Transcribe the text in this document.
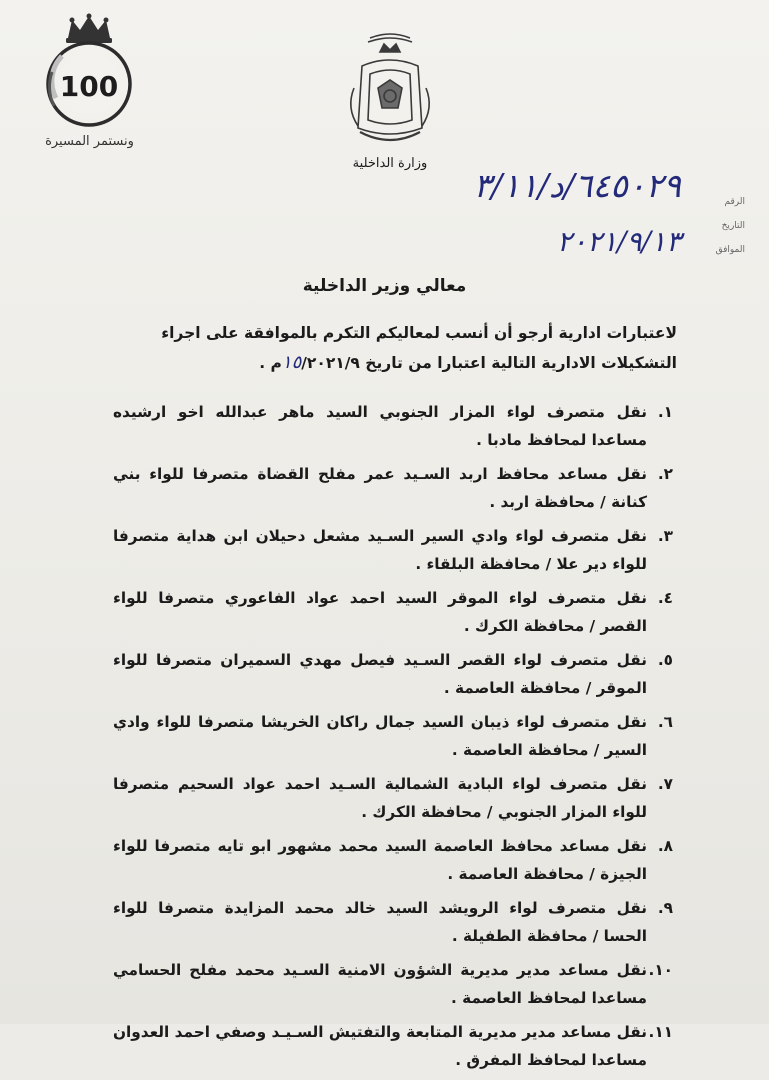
100
ونستمر المسيرة
وزارة الداخلية
الرقم
التاريخ
الموافق
٦٤٥٠٢٩/د/٣/١١
٢٠٢١/٩/١٣
معالي وزير الداخلية
لاعتبارات ادارية أرجو أن أنسب لمعاليكم التكرم بالموافقة على اجراء
التشكيلات الادارية التالية اعتبارا من تاريخ ١٥/٢٠٢١/٩م .
١.
نقل متصرف لواء المزار الجنوبي السيد ماهر عبدالله اخو ارشيده مساعدا لمحافظ مادبا .
٢.
نقل مساعد محافظ اربد السـيد عمر مفلح القضاة متصرفا للواء بني كنانة / محافظة اربد .
٣.
نقل متصرف لواء وادي السير السـيد مشعل دحيلان ابن هداية متصرفا للواء دير علا / محافظة البلقاء .
٤.
نقل متصرف لواء الموقر السيد احمد عواد الفاعوري متصرفا للواء القصر / محافظة الكرك .
٥.
نقل متصرف لواء القصر السـيد فيصل مهدي السميران متصرفا للواء الموقر / محافظة العاصمة .
٦.
نقل متصرف لواء ذيبان السيد جمال راكان الخريشا متصرفا للواء وادي السير / محافظة العاصمة .
٧.
نقل متصرف لواء البادية الشمالية السـيد احمد عواد السحيم متصرفا للواء المزار الجنوبي / محافظة الكرك .
٨.
نقل مساعد محافظ العاصمة السيد محمد مشهور ابو تايه متصرفا للواء الجيزة / محافظة العاصمة .
٩.
نقل متصرف لواء الرويشد السيد خالد محمد المزايدة متصرفا للواء الحسا / محافظة الطفيلة .
١٠.
نقل مساعد مدير مديرية الشؤون الامنية السـيد محمد مفلح الحسامي مساعدا لمحافظ العاصمة .
١١.
نقل مساعد مدير مديرية المتابعة والتفتيش السـيـد وصفي احمد العدوان مساعدا لمحافظ المفرق .
